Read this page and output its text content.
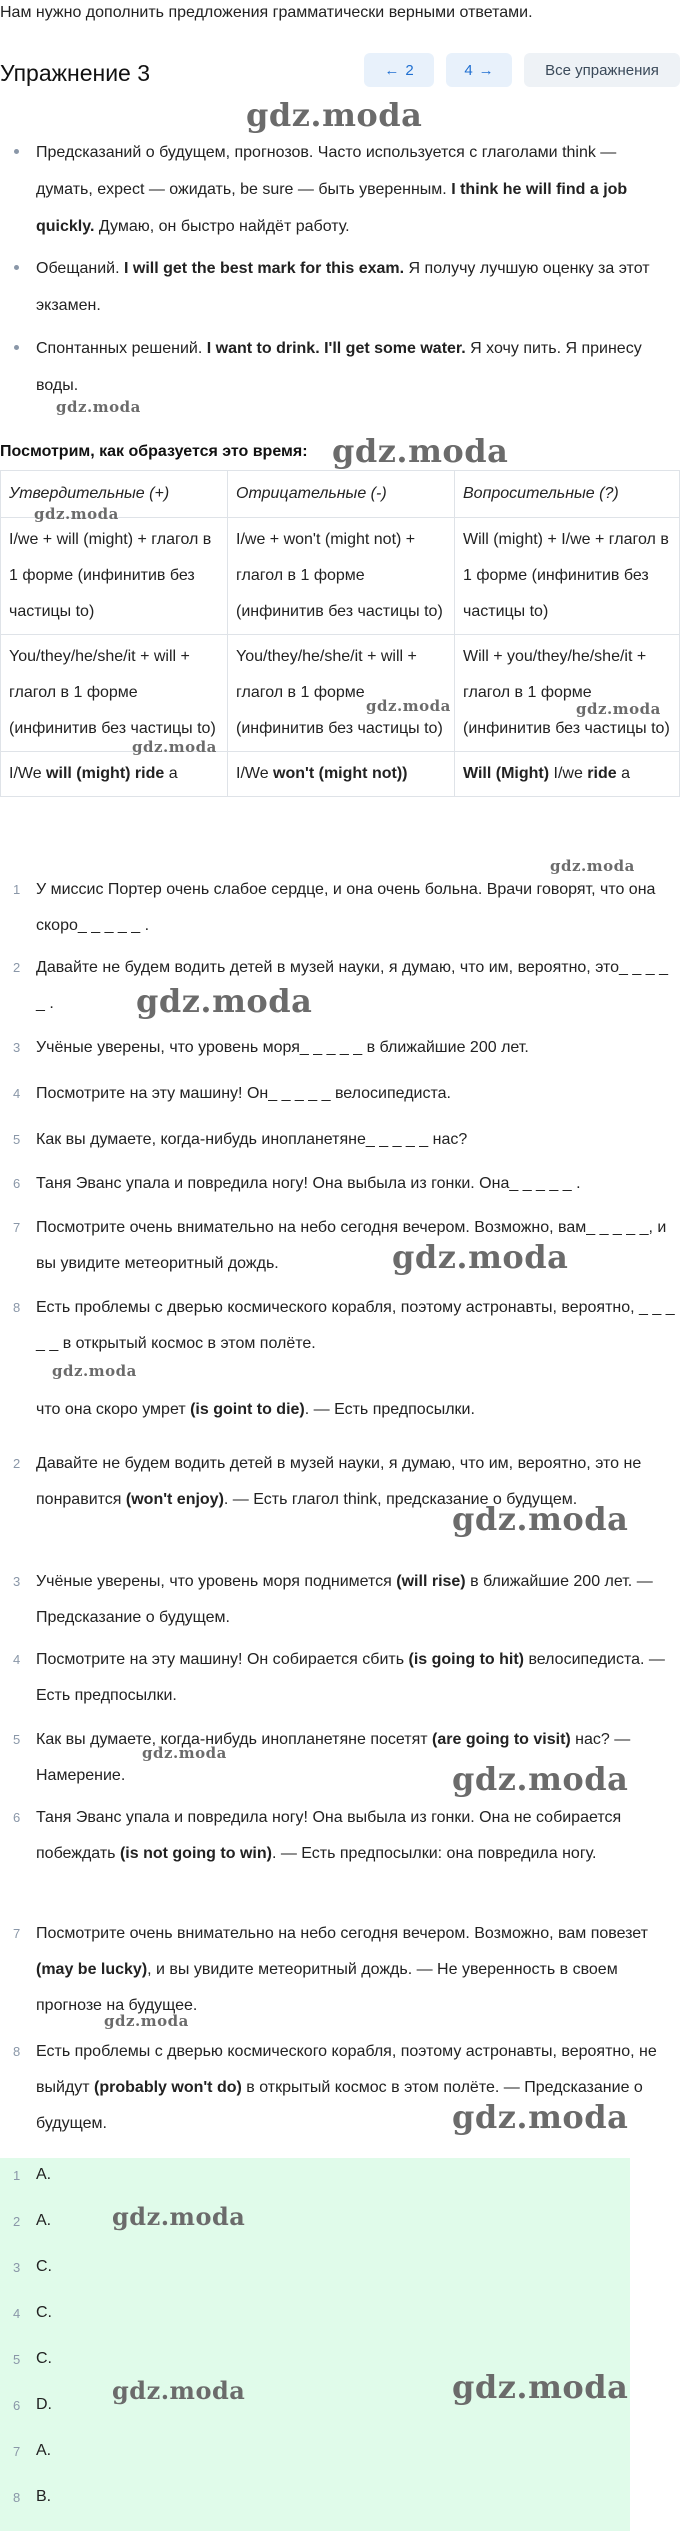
Нам нужно дополнить предложения грамматически верными ответами.
Упражнение 3	← 2	4 →	Все упражнения
gdz.moda
Предсказаний о будущем, прогнозов. Часто используется с глаголами think — думать, expect — ожидать, be sure — быть уверенным. I think he will find a job quickly. Думаю, он быстро найдёт работу.
Обещаний. I will get the best mark for this exam. Я получу лучшую оценку за этот экзамен.
Спонтанных решений. I want to drink. I'll get some water. Я хочу пить. Я принесу воды.
gdz.moda
Посмотрим, как образуется это время: gdz.moda
Утвердительные (+)	Отрицательные (-)	Вопросительные (?)
I/we + will (might) + глагол в 1 форме (инфинитив без частицы to)	I/we + won't (might not) + глагол в 1 форме (инфинитив без частицы to)	Will (might) + I/we + глагол в 1 форме (инфинитив без частицы to)
You/they/he/she/it + will + глагол в 1 форме (инфинитив без частицы to)	You/they/he/she/it + will + глагол в 1 форме (инфинитив без частицы to)	Will + you/they/he/she/it + глагол в 1 форме (инфинитив без частицы to)
I/We will (might) ride a	I/We won't (might not))	Will (Might) I/we ride a
gdz.moda
gdz.moda	gdz.moda
gdz.moda
gdz.moda
1 У миссис Портер очень слабое сердце, и она очень больна. Врачи говорят, что она скоро_ _ _ _ _ .
2 Давайте не будем водить детей в музей науки, я думаю, что им, вероятно, это_ _ _ _ _ .
3 Учёные уверены, что уровень моря_ _ _ _ _ в ближайшие 200 лет.
4 Посмотрите на эту машину! Он_ _ _ _ _ велосипедиста.
5 Как вы думаете, когда-нибудь инопланетяне_ _ _ _ _ нас?
6 Таня Эванс упала и повредила ногу! Она выбыла из гонки. Она_ _ _ _ _ .
7 Посмотрите очень внимательно на небо сегодня вечером. Возможно, вам_ _ _ _ _, и вы увидите метеоритный дождь.
8 Есть проблемы с дверью космического корабля, поэтому астронавты, вероятно, _ _ _ _ _ в открытый космос в этом полёте.
gdz.moda
gdz.moda
gdz.moda
что она скоро умрет (is goint to die). — Есть предпосылки.
2 Давайте не будем водить детей в музей науки, я думаю, что им, вероятно, это не понравится (won't enjoy). — Есть глагол think, предсказание о будущем.
3 Учёные уверены, что уровень моря поднимется (will rise) в ближайшие 200 лет. — Предсказание о будущем.
4 Посмотрите на эту машину! Он собирается сбить (is going to hit) велосипедиста. — Есть предпосылки.
5 Как вы думаете, когда-нибудь инопланетяне посетят (are going to visit) нас? — Намерение.
6 Таня Эванс упала и повредила ногу! Она выбыла из гонки. Она не собирается побеждать (is not going to win). — Есть предпосылки: она повредила ногу.
7 Посмотрите очень внимательно на небо сегодня вечером. Возможно, вам повезет (may be lucky), и вы увидите метеоритный дождь. — Не уверенность в своем прогнозе на будущее.
8 Есть проблемы с дверью космического корабля, поэтому астронавты, вероятно, не выйдут (probably won't do) в открытый космос в этом полёте. — Предсказание о будущем.
gdz.moda
gdz.moda
gdz.moda
gdz.moda
gdz.moda
1 A.
2 A.
3 C.
4 C.
5 C.
6 D.
7 A.
8 B.
gdz.moda
gdz.moda	gdz.moda
